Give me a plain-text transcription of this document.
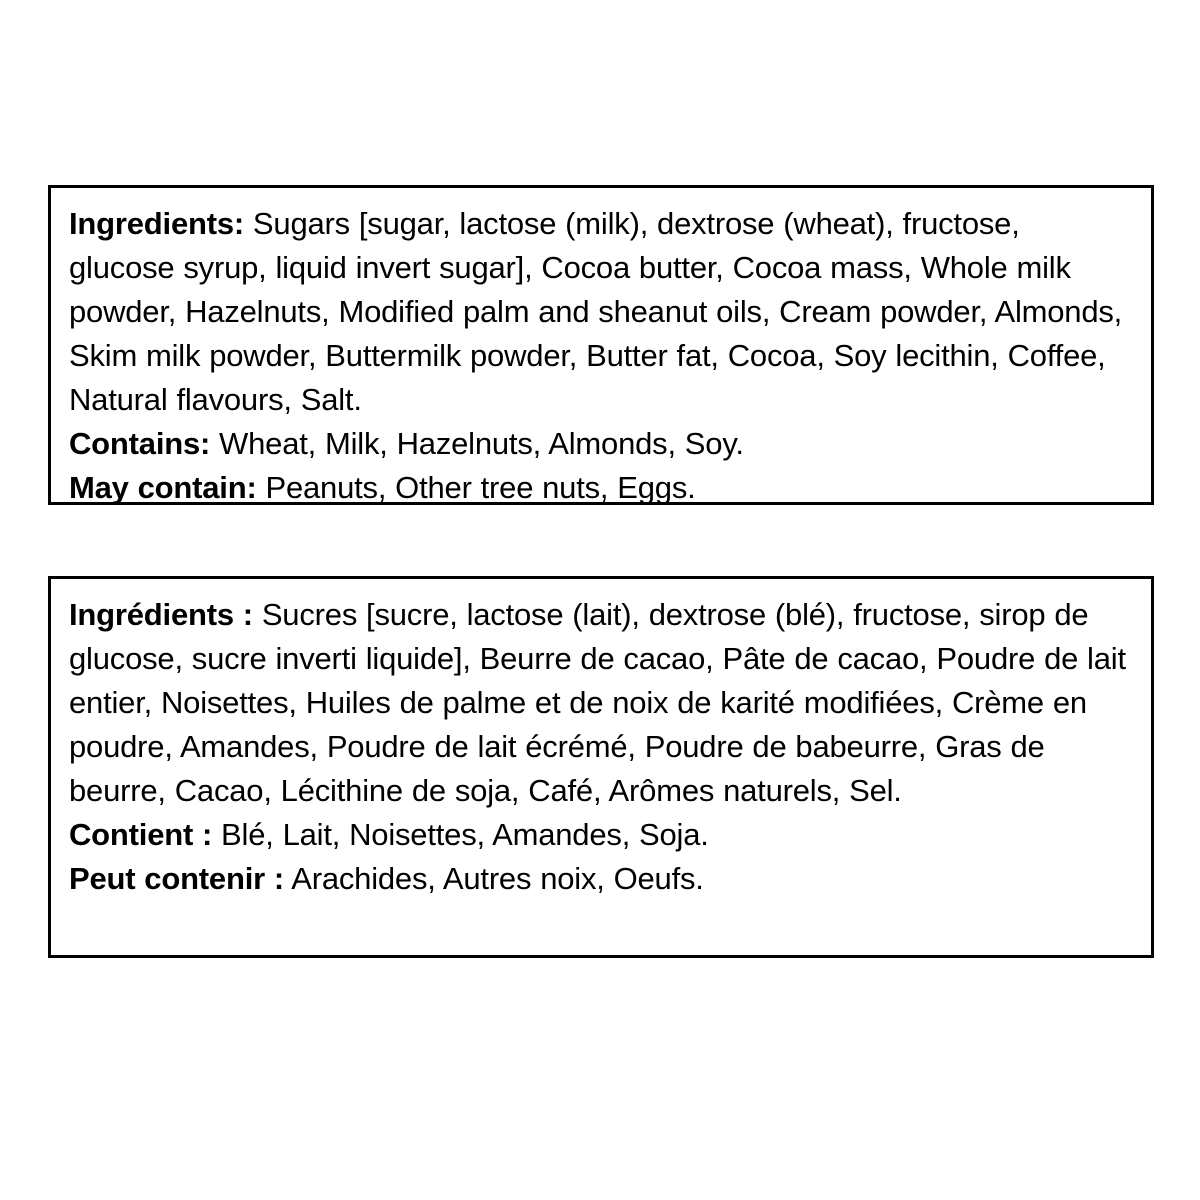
Ingredients: Sugars [sugar, lactose (milk), dextrose (wheat), fructose, glucose syrup, liquid invert sugar], Cocoa butter, Cocoa mass, Whole milk powder, Hazelnuts, Modified palm and sheanut oils, Cream powder, Almonds, Skim milk powder, Buttermilk powder, Butter fat, Cocoa, Soy lecithin, Coffee, Natural flavours, Salt.

Contains: Wheat, Milk, Hazelnuts, Almonds, Soy.

May contain: Peanuts, Other tree nuts, Eggs.

Ingrédients : Sucres [sucre, lactose (lait), dextrose (blé), fructose, sirop de glucose, sucre inverti liquide], Beurre de cacao, Pâte de cacao, Poudre de lait entier, Noisettes, Huiles de palme et de noix de karité modifiées, Crème en poudre, Amandes, Poudre de lait écrémé, Poudre de babeurre, Gras de beurre, Cacao, Lécithine de soja, Café, Arômes naturels, Sel.

Contient : Blé, Lait, Noisettes, Amandes, Soja.

Peut contenir : Arachides, Autres noix, Oeufs.
